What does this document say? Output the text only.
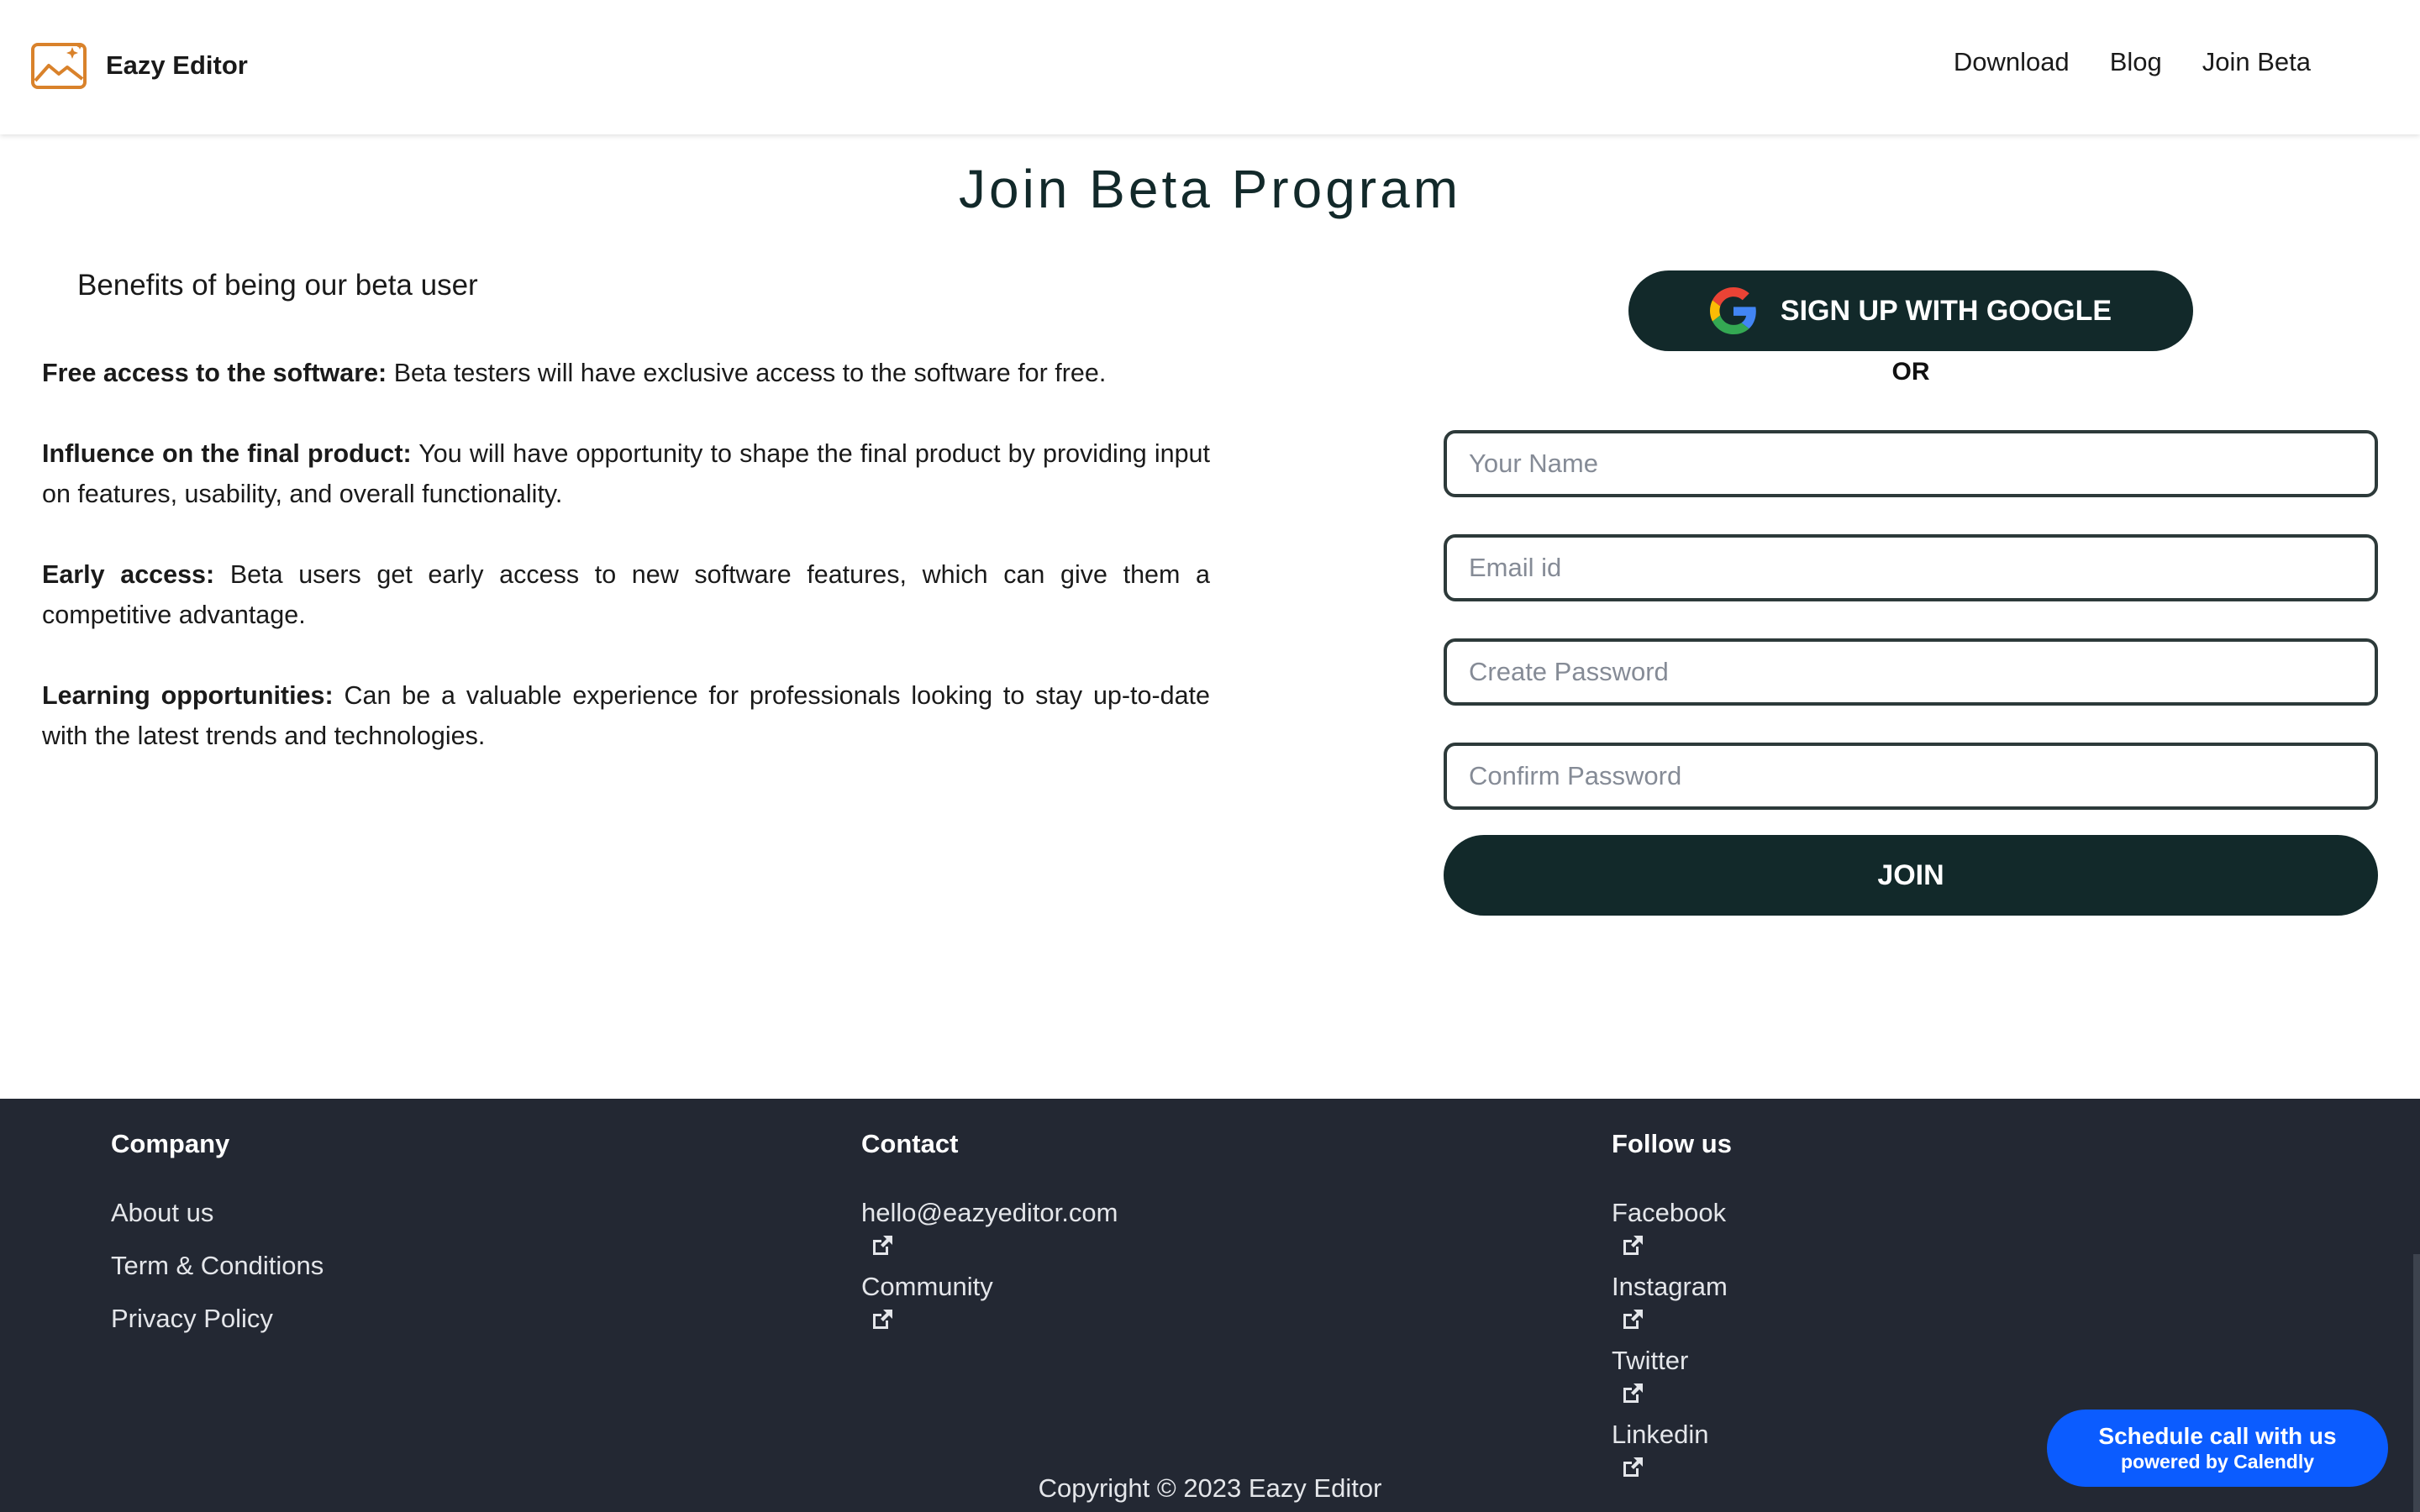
Eazy Editor	Download Blog Join Beta
Join Beta Program
Benefits of being our beta user

Free access to the software: Beta testers will have exclusive access to the software for free.

Influence on the final product: You will have opportunity to shape the final product by providing input on features, usability, and overall functionality.

Early access: Beta users get early access to new software features, which can give them a competitive advantage.

Learning opportunities: Can be a valuable experience for professionals looking to stay up-to-date with the latest trends and technologies.

SIGN UP WITH GOOGLE
OR
Your Name
Email id
JOIN
Company
About us
Term & Conditions
Privacy Policy
Contact
hello@eazyeditor.com
Community
Follow us
Facebook
Instagram
Twitter
Linkedin
Copyright © 2023 Eazy Editor
Schedule call with us
powered by Calendly
